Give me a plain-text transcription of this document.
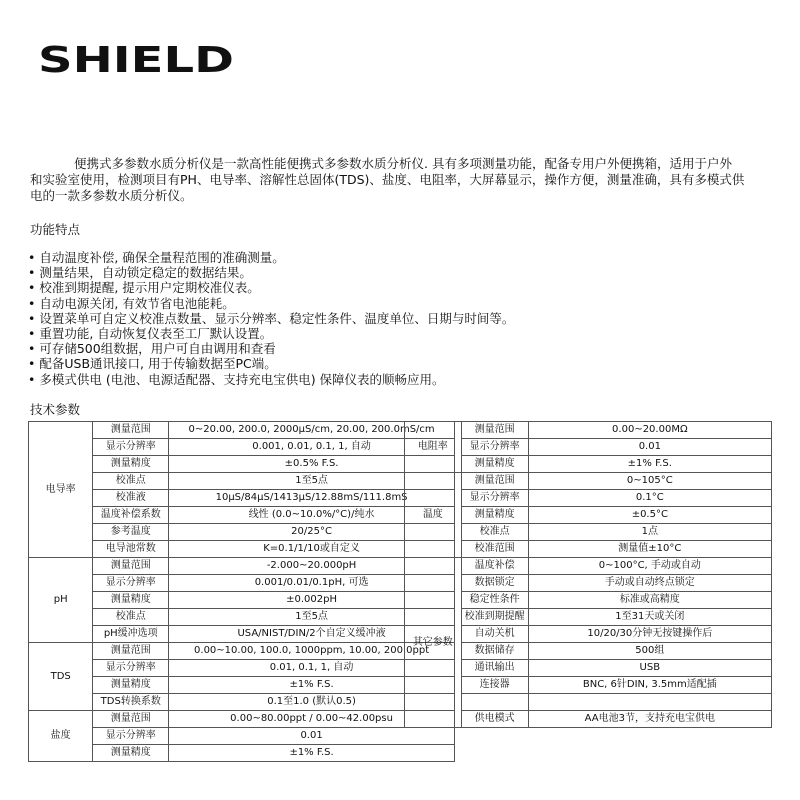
SHIELD
便携式多参数水质分析仪是一款高性能便携式多参数水质分析仪. 具有多项测量功能，配备专用户外便携箱，适用于户外
和实验室使用，检测项目有PH、电导率、溶解性总固体(TDS)、盐度、电阻率，大屏幕显示，操作方便，测量准确，具有多模式供
电的一款多参数水质分析仪。
功能特点
• 自动温度补偿, 确保全量程范围的准确测量。
• 测量结果，自动锁定稳定的数据结果。
• 校准到期提醒, 提示用户定期校准仪表。
• 自动电源关闭, 有效节省电池能耗。
• 设置菜单可自定义校准点数量、显示分辨率、稳定性条件、温度单位、日期与时间等。
• 重置功能, 自动恢复仪表至工厂默认设置。
• 可存储500组数据，用户可自由调用和查看
• 配备USB通讯接口, 用于传输数据至PC端。
• 多模式供电 (电池、电源适配器、支持充电宝供电) 保障仪表的顺畅应用。
技术参数
电导率	测量范围	0~20.00, 200.0, 2000μS/cm, 20.00, 200.0mS/cm
	显示分辨率	0.001, 0.01, 0.1, 1, 自动
	测量精度	±0.5% F.S.
	校准点	1至5点
	校准液	10μS/84μS/1413μS/12.88mS/111.8mS
	温度补偿系数	线性 (0.0~10.0%/°C)/纯水
	参考温度	20/25°C
	电导池常数	K=0.1/1/10或自定义
pH	测量范围	-2.000~20.000pH
	显示分辨率	0.001/0.01/0.1pH, 可选
	测量精度	±0.002pH
	校准点	1至5点
	pH缓冲选项	USA/NIST/DIN/2个自定义缓冲液
TDS	测量范围	0.00~10.00, 100.0, 1000ppm, 10.00, 200.0ppt
	显示分辨率	0.01, 0.1, 1, 自动
	测量精度	±1% F.S.
	TDS转换系数	0.1至1.0 (默认0.5)
盐度	测量范围	0.00~80.00ppt / 0.00~42.00psu
	显示分辨率	0.01
	测量精度	±1% F.S.
电阻率	测量范围	0.00~20.00MΩ
	显示分辨率	0.01
	测量精度	±1% F.S.
温度	测量范围	0~105°C
	显示分辨率	0.1°C
	测量精度	±0.5°C
	校准点	1点
	校准范围	测量值±10°C
其它参数	温度补偿	0~100°C, 手动或自动
	数据锁定	手动或自动终点锁定
	稳定性条件	标准或高精度
	校准到期提醒	1至31天或关闭
	自动关机	10/20/30分钟无按键操作后
	数据储存	500组
	通讯输出	USB
	连接器	BNC, 6针DIN, 3.5mm适配插

	供电模式	AA电池3节，支持充电宝供电
